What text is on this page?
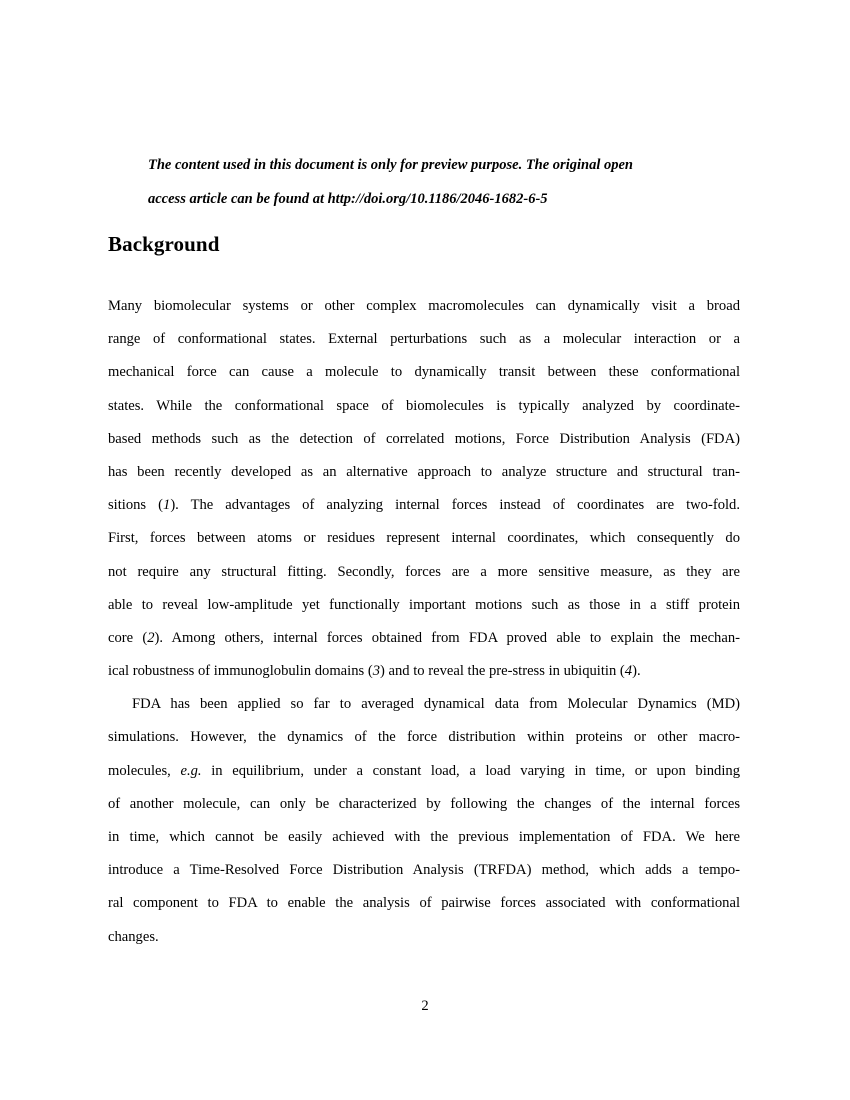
The content used in this document is only for preview purpose. The original open
access article can be found at http://doi.org/10.1186/2046-1682-6-5
Background
Many biomolecular systems or other complex macromolecules can dynamically visit a broad
range of conformational states. External perturbations such as a molecular interaction or a
mechanical force can cause a molecule to dynamically transit between these conformational
states. While the conformational space of biomolecules is typically analyzed by coordinate-
based methods such as the detection of correlated motions, Force Distribution Analysis (FDA)
has been recently developed as an alternative approach to analyze structure and structural tran-
sitions (1). The advantages of analyzing internal forces instead of coordinates are two-fold.
First, forces between atoms or residues represent internal coordinates, which consequently do
not require any structural fitting. Secondly, forces are a more sensitive measure, as they are
able to reveal low-amplitude yet functionally important motions such as those in a stiff protein
core (2). Among others, internal forces obtained from FDA proved able to explain the mechan-
ical robustness of immunoglobulin domains (3) and to reveal the pre-stress in ubiquitin (4).
FDA has been applied so far to averaged dynamical data from Molecular Dynamics (MD)
simulations. However, the dynamics of the force distribution within proteins or other macro-
molecules, e.g. in equilibrium, under a constant load, a load varying in time, or upon binding
of another molecule, can only be characterized by following the changes of the internal forces
in time, which cannot be easily achieved with the previous implementation of FDA. We here
introduce a Time-Resolved Force Distribution Analysis (TRFDA) method, which adds a tempo-
ral component to FDA to enable the analysis of pairwise forces associated with conformational
changes.
2
